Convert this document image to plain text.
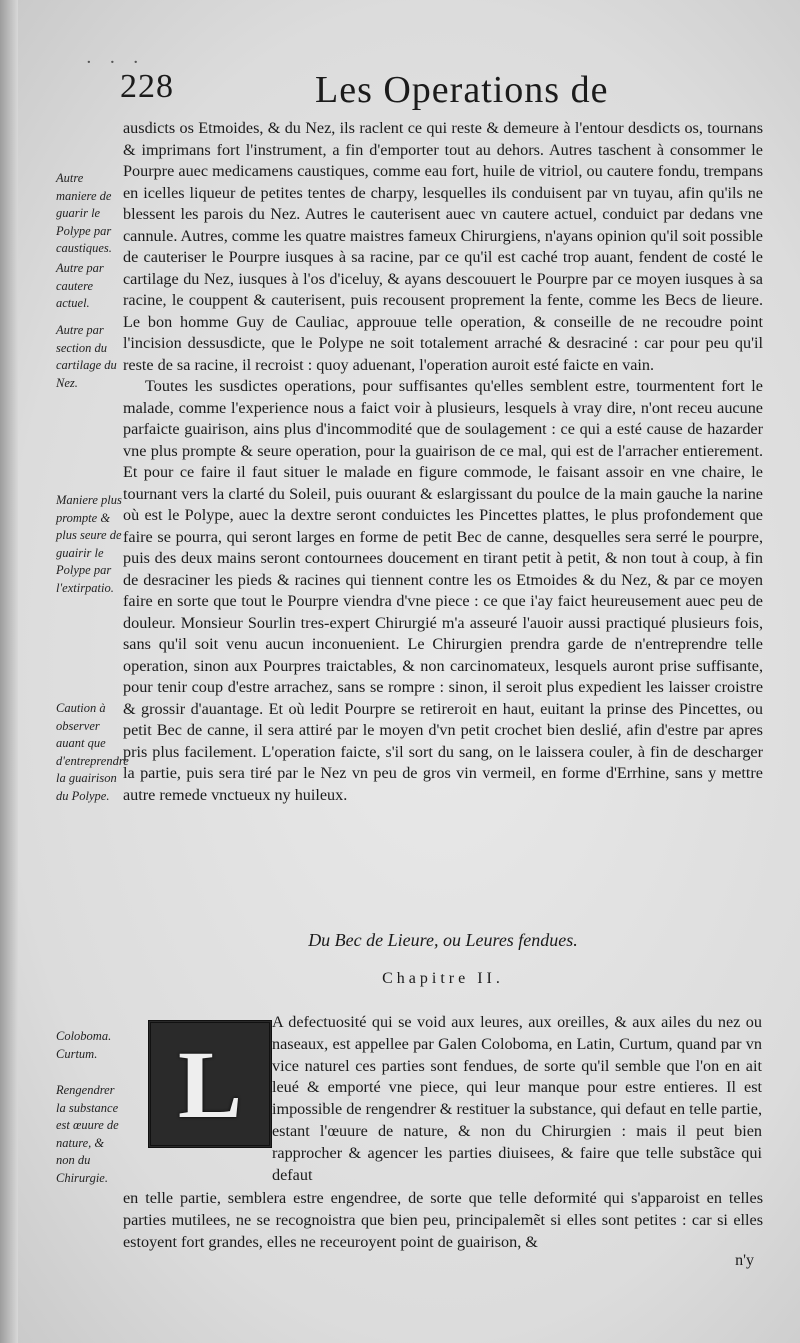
· · ·
228	Les Operations de
Autre maniere de guarir le Polype par caustiques.
Autre par cautere actuel.
Autre par section du cartilage du Nez.
Maniere plus prompte & plus seure de guairir le Polype par l'extirpatio.
Caution à observer auant que d'entreprendre la guairison du Polype.
Coloboma. Curtum.
Rengendrer la substance est œuure de nature, & non du Chirurgie.

ausdicts os Etmoides, & du Nez, ils raclent ce qui reste & demeure à l'entour desdicts os, tournans & imprimans fort l'instrument, a fin d'emporter tout au dehors. Autres taschent à consommer le Pourpre auec medicamens caustiques, comme eau fort, huile de vitriol, ou cautere fondu, trempans en icelles liqueur de petites tentes de charpy, lesquelles ils conduisent par vn tuyau, afin qu'ils ne blessent les parois du Nez. Autres le cauterisent auec vn cautere actuel, conduict par dedans vne cannule. Autres, comme les quatre maistres fameux Chirurgiens, n'ayans opinion qu'il soit possible de cauteriser le Pourpre iusques à sa racine, par ce qu'il est caché trop auant, fendent de costé le cartilage du Nez, iusques à l'os d'iceluy, & ayans descouuert le Pourpre par ce moyen iusques à sa racine, le couppent & cauterisent, puis recousent proprement la fente, comme les Becs de lieure. Le bon homme Guy de Cauliac, approuue telle operation, & conseille de ne recoudre point l'incision dessusdicte, que le Polype ne soit totalement arraché & desraciné : car pour peu qu'il reste de sa racine, il recroist : quoy aduenant, l'operation auroit esté faicte en vain.

Toutes les susdictes operations, pour suffisantes qu'elles semblent estre, tourmentent fort le malade, comme l'experience nous a faict voir à plusieurs, lesquels à vray dire, n'ont receu aucune parfaicte guairison, ains plus d'incommodité que de soulagement : ce qui a esté cause de hazarder vne plus prompte & seure operation, pour la guairison de ce mal, qui est de l'arracher entierement. Et pour ce faire il faut situer le malade en figure commode, le faisant assoir en vne chaire, le tournant vers la clarté du Soleil, puis ouurant & eslargissant du poulce de la main gauche la narine où est le Polype, auec la dextre seront conduictes les Pincettes plattes, le plus profondement que faire se pourra, qui seront larges en forme de petit Bec de canne, desquelles sera serré le pourpre, puis des deux mains seront contournees doucement en tirant petit à petit, & non tout à coup, à fin de desraciner les pieds & racines qui tiennent contre les os Etmoides & du Nez, & par ce moyen faire en sorte que tout le Pourpre viendra d'vne piece : ce que i'ay faict heureusement auec peu de douleur. Monsieur Sourlin tres-expert Chirurgié m'a asseuré l'auoir aussi practiqué plusieurs fois, sans qu'il soit venu aucun inconuenient. Le Chirurgien prendra garde de n'entreprendre telle operation, sinon aux Pourpres traictables, & non carcinomateux, lesquels auront prise suffisante, pour tenir coup d'estre arrachez, sans se rompre : sinon, il seroit plus expedient les laisser croistre & grossir d'auantage. Et où ledit Pourpre se retireroit en haut, euitant la prinse des Pincettes, ou petit Bec de canne, il sera attiré par le moyen d'vn petit crochet bien deslié, afin d'estre par apres pris plus facilement. L'operation faicte, s'il sort du sang, on le laissera couler, à fin de descharger la partie, puis sera tiré par le Nez vn peu de gros vin vermeil, en forme d'Errhine, sans y mettre autre remede vnctueux ny huileux.

Du Bec de Lieure, ou Leures fendues.
Chapitre II.
L
A defectuosité qui se void aux leures, aux oreilles, & aux ailes du nez ou naseaux, est appellee par Galen Coloboma, en Latin, Curtum, quand par vn vice naturel ces parties sont fendues, de sorte qu'il semble que l'on en ait leué & emporté vne piece, qui leur manque pour estre entieres. Il est impossible de rengendrer & restituer la substance, qui defaut en telle partie, estant l'œuure de nature, & non du Chirurgien : mais il peut bien rapprocher & agencer les parties diuisees, & faire que telle substãce qui defaut
en telle partie, semblera estre engendree, de sorte que telle deformité qui s'apparoist en telles parties mutilees, ne se recognoistra que bien peu, principalemẽt si elles sont petites : car si elles estoyent fort grandes, elles ne receuroyent point de guairison, &
n'y
